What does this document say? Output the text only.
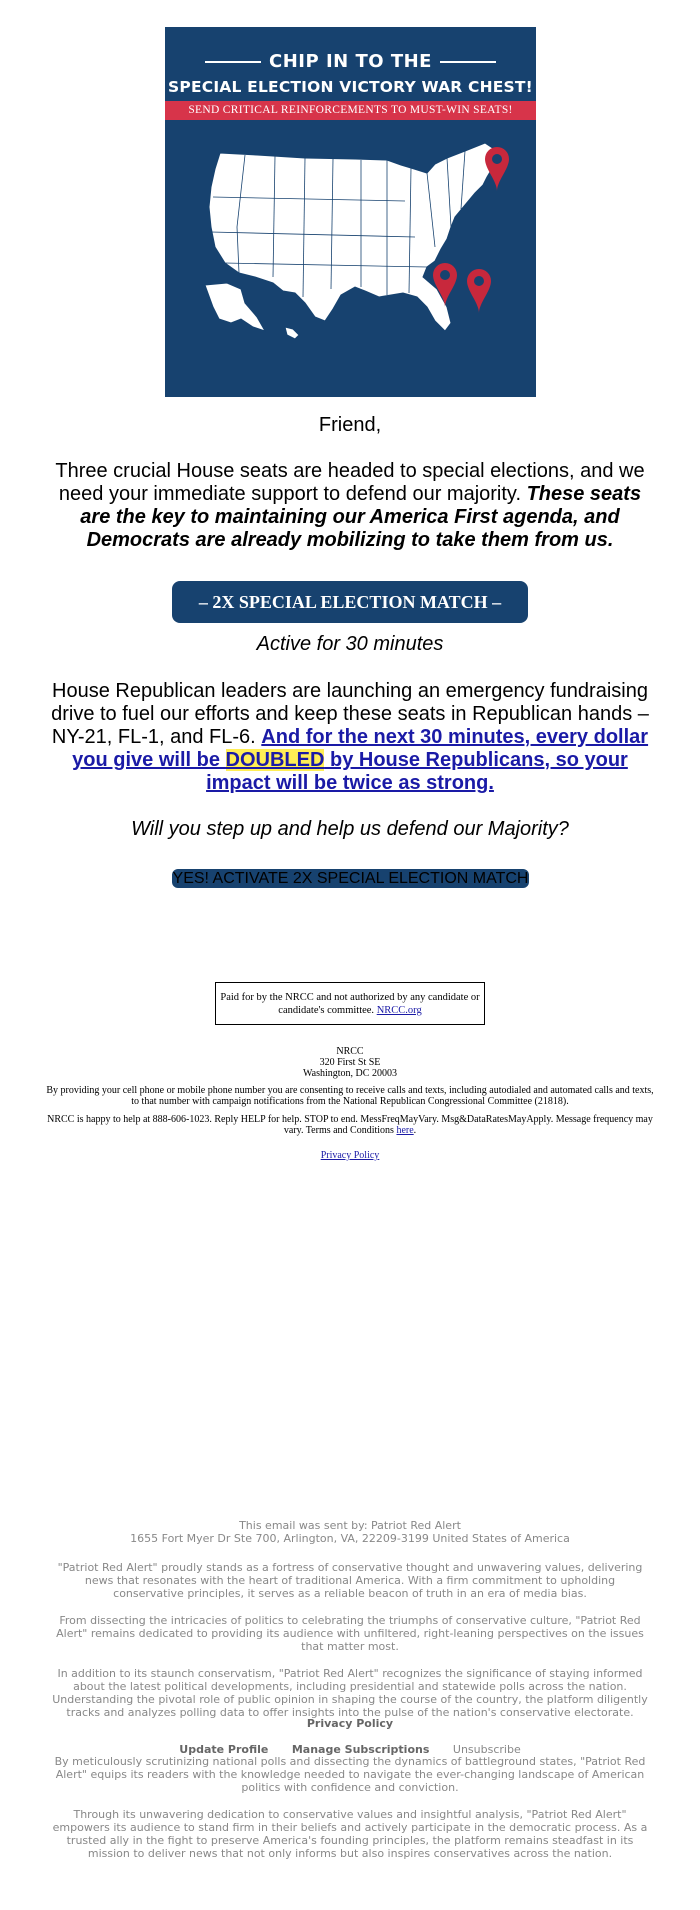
CHIP IN TO THE
SPECIAL ELECTION VICTORY WAR CHEST!
SEND CRITICAL REINFORCEMENTS TO MUST-WIN SEATS!
Friend,
Three crucial House seats are headed to special elections, and we need your immediate support to defend our majority. These seats are the key to maintaining our America First agenda, and Democrats are already mobilizing to take them from us.
– 2X SPECIAL ELECTION MATCH –
Active for 30 minutes
House Republican leaders are launching an emergency fundraising drive to fuel our efforts and keep these seats in Republican hands – NY-21, FL-1, and FL-6. And for the next 30 minutes, every dollar you give will be DOUBLED by House Republicans, so your impact will be twice as strong.
Will you step up and help us defend our Majority?
YES! ACTIVATE 2X SPECIAL ELECTION MATCH
Paid for by the NRCC and not authorized by any candidate or candidate's committee. NRCC.org
NRCC
320 First St SE
Washington, DC 20003
By providing your cell phone or mobile phone number you are consenting to receive calls and texts, including autodialed and automated calls and texts, to that number with campaign notifications from the National Republican Congressional Committee (21818).
NRCC is happy to help at 888-606-1023. Reply HELP for help. STOP to end. MessFreqMayVary. Msg&DataRatesMayApply. Message frequency may vary. Terms and Conditions here.
Privacy Policy
This email was sent by: Patriot Red Alert
1655 Fort Myer Dr Ste 700, Arlington, VA, 22209-3199 United States of America
"Patriot Red Alert" proudly stands as a fortress of conservative thought and unwavering values, delivering news that resonates with the heart of traditional America. With a firm commitment to upholding conservative principles, it serves as a reliable beacon of truth in an era of media bias.
From dissecting the intricacies of politics to celebrating the triumphs of conservative culture, "Patriot Red Alert" remains dedicated to providing its audience with unfiltered, right-leaning perspectives on the issues that matter most.
In addition to its staunch conservatism, "Patriot Red Alert" recognizes the significance of staying informed about the latest political developments, including presidential and statewide polls across the nation. Understanding the pivotal role of public opinion in shaping the course of the country, the platform diligently tracks and analyzes polling data to offer insights into the pulse of the nation's conservative electorate.
Privacy Policy
Update Profile Manage Subscriptions Unsubscribe
By meticulously scrutinizing national polls and dissecting the dynamics of battleground states, "Patriot Red Alert" equips its readers with the knowledge needed to navigate the ever-changing landscape of American politics with confidence and conviction.
Through its unwavering dedication to conservative values and insightful analysis, "Patriot Red Alert" empowers its audience to stand firm in their beliefs and actively participate in the democratic process. As a trusted ally in the fight to preserve America's founding principles, the platform remains steadfast in its mission to deliver news that not only informs but also inspires conservatives across the nation.
